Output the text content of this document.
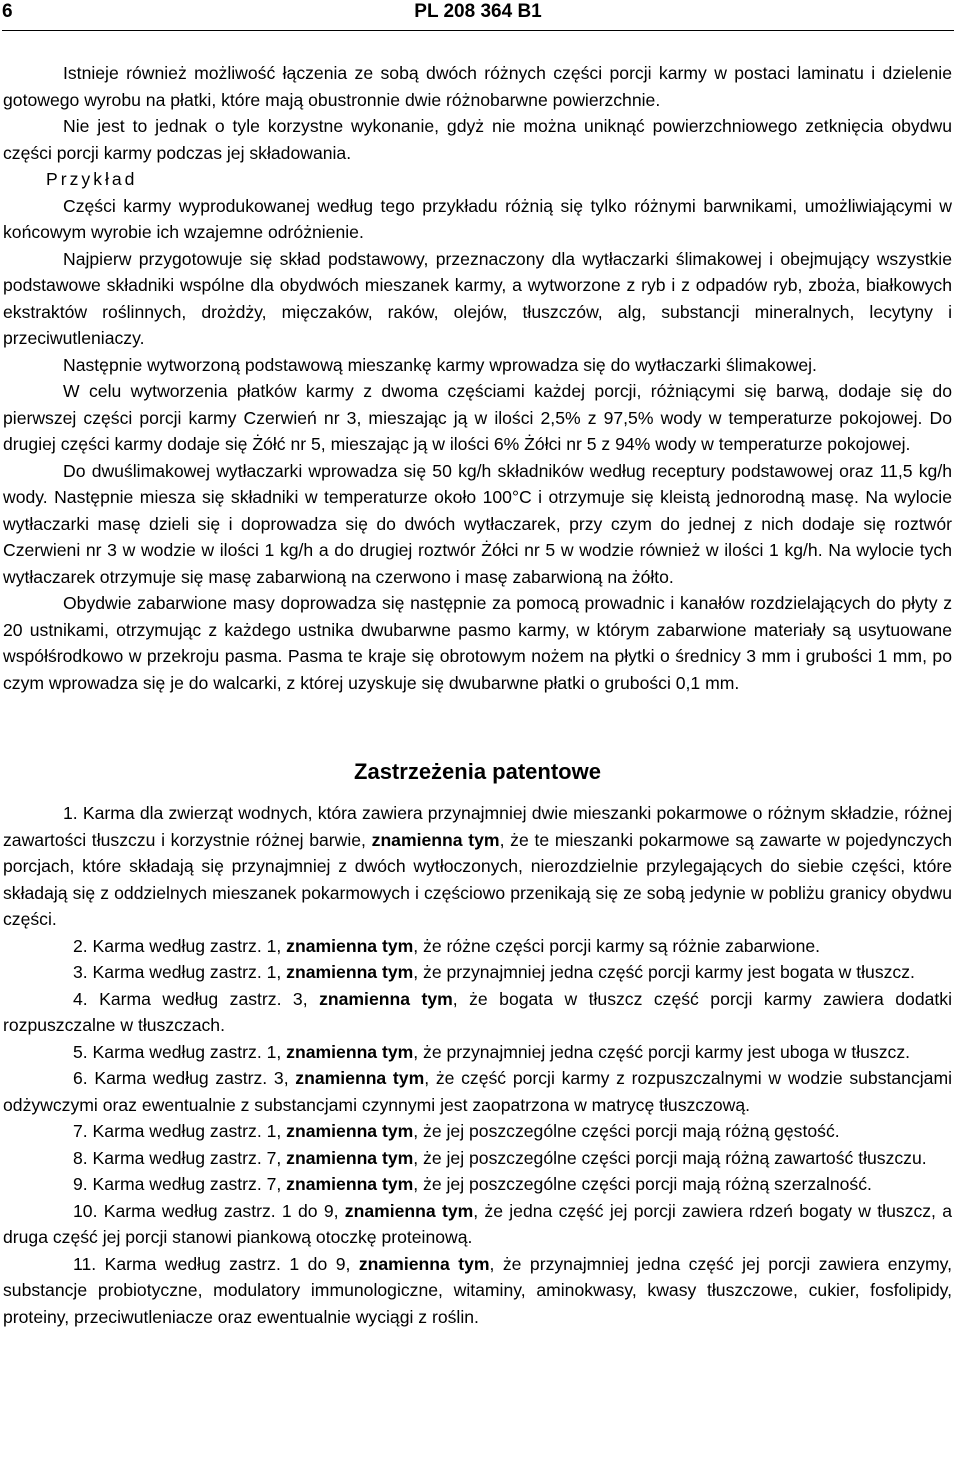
6	PL 208 364 B1

Istnieje również możliwość łączenia ze sobą dwóch różnych części porcji karmy w postaci laminatu i dzielenie gotowego wyrobu na płatki, które mają obustronnie dwie różnobarwne powierzchnie.

Nie jest to jednak o tyle korzystne wykonanie, gdyż nie można uniknąć powierzchniowego zetknięcia obydwu części porcji karmy podczas jej składowania.

Przykład

Części karmy wyprodukowanej według tego przykładu różnią się tylko różnymi barwnikami, umożliwiającymi w końcowym wyrobie ich wzajemne odróżnienie.

Najpierw przygotowuje się skład podstawowy, przeznaczony dla wytłaczarki ślimakowej i obejmujący wszystkie podstawowe składniki wspólne dla obydwóch mieszanek karmy, a wytworzone z ryb i z odpadów ryb, zboża, białkowych ekstraktów roślinnych, drożdży, mięczaków, raków, olejów, tłuszczów, alg, substancji mineralnych, lecytyny i przeciwutleniaczy.

Następnie wytworzoną podstawową mieszankę karmy wprowadza się do wytłaczarki ślimakowej.

W celu wytworzenia płatków karmy z dwoma częściami każdej porcji, różniącymi się barwą, dodaje się do pierwszej części porcji karmy Czerwień nr 3, mieszając ją w ilości 2,5% z 97,5% wody w temperaturze pokojowej. Do drugiej części karmy dodaje się Żółć nr 5, mieszając ją w ilości 6% Żółci nr 5 z 94% wody w temperaturze pokojowej.

Do dwuślimakowej wytłaczarki wprowadza się 50 kg/h składników według receptury podstawowej oraz 11,5 kg/h wody. Następnie miesza się składniki w temperaturze około 100°C i otrzymuje się kleistą jednorodną masę. Na wylocie wytłaczarki masę dzieli się i doprowadza się do dwóch wytłaczarek, przy czym do jednej z nich dodaje się roztwór Czerwieni nr 3 w wodzie w ilości 1 kg/h a do drugiej roztwór Żółci nr 5 w wodzie również w ilości 1 kg/h. Na wylocie tych wytłaczarek otrzymuje się masę zabarwioną na czerwono i masę zabarwioną na żółto.

Obydwie zabarwione masy doprowadza się następnie za pomocą prowadnic i kanałów rozdzielających do płyty z 20 ustnikami, otrzymując z każdego ustnika dwubarwne pasmo karmy, w którym zabarwione materiały są usytuowane współśrodkowo w przekroju pasma. Pasma te kraje się obrotowym nożem na płytki o średnicy 3 mm i grubości 1 mm, po czym wprowadza się je do walcarki, z której uzyskuje się dwubarwne płatki o grubości 0,1 mm.

Zastrzeżenia patentowe

1. Karma dla zwierząt wodnych, która zawiera przynajmniej dwie mieszanki pokarmowe o różnym składzie, różnej zawartości tłuszczu i korzystnie różnej barwie, znamienna tym, że te mieszanki pokarmowe są zawarte w pojedynczych porcjach, które składają się przynajmniej z dwóch wytłoczonych, nierozdzielnie przylegających do siebie części, które składają się z oddzielnych mieszanek pokarmowych i częściowo przenikają się ze sobą jedynie w pobliżu granicy obydwu części.

2. Karma według zastrz. 1, znamienna tym, że różne części porcji karmy są różnie zabarwione.

3. Karma według zastrz. 1, znamienna tym, że przynajmniej jedna część porcji karmy jest bogata w tłuszcz.

4. Karma według zastrz. 3, znamienna tym, że bogata w tłuszcz część porcji karmy zawiera dodatki rozpuszczalne w tłuszczach.

5. Karma według zastrz. 1, znamienna tym, że przynajmniej jedna część porcji karmy jest uboga w tłuszcz.

6. Karma według zastrz. 3, znamienna tym, że część porcji karmy z rozpuszczalnymi w wodzie substancjami odżywczymi oraz ewentualnie z substancjami czynnymi jest zaopatrzona w matrycę tłuszczową.

7. Karma według zastrz. 1, znamienna tym, że jej poszczególne części porcji mają różną gęstość.

8. Karma według zastrz. 7, znamienna tym, że jej poszczególne części porcji mają różną zawartość tłuszczu.

9. Karma według zastrz. 7, znamienna tym, że jej poszczególne części porcji mają różną szerzalność.

10. Karma według zastrz. 1 do 9, znamienna tym, że jedna część jej porcji zawiera rdzeń bogaty w tłuszcz, a druga część jej porcji stanowi piankową otoczkę proteinową.

11. Karma według zastrz. 1 do 9, znamienna tym, że przynajmniej jedna część jej porcji zawiera enzymy, substancje probiotyczne, modulatory immunologiczne, witaminy, aminokwasy, kwasy tłuszczowe, cukier, fosfolipidy, proteiny, przeciwutleniacze oraz ewentualnie wyciągi z roślin.
